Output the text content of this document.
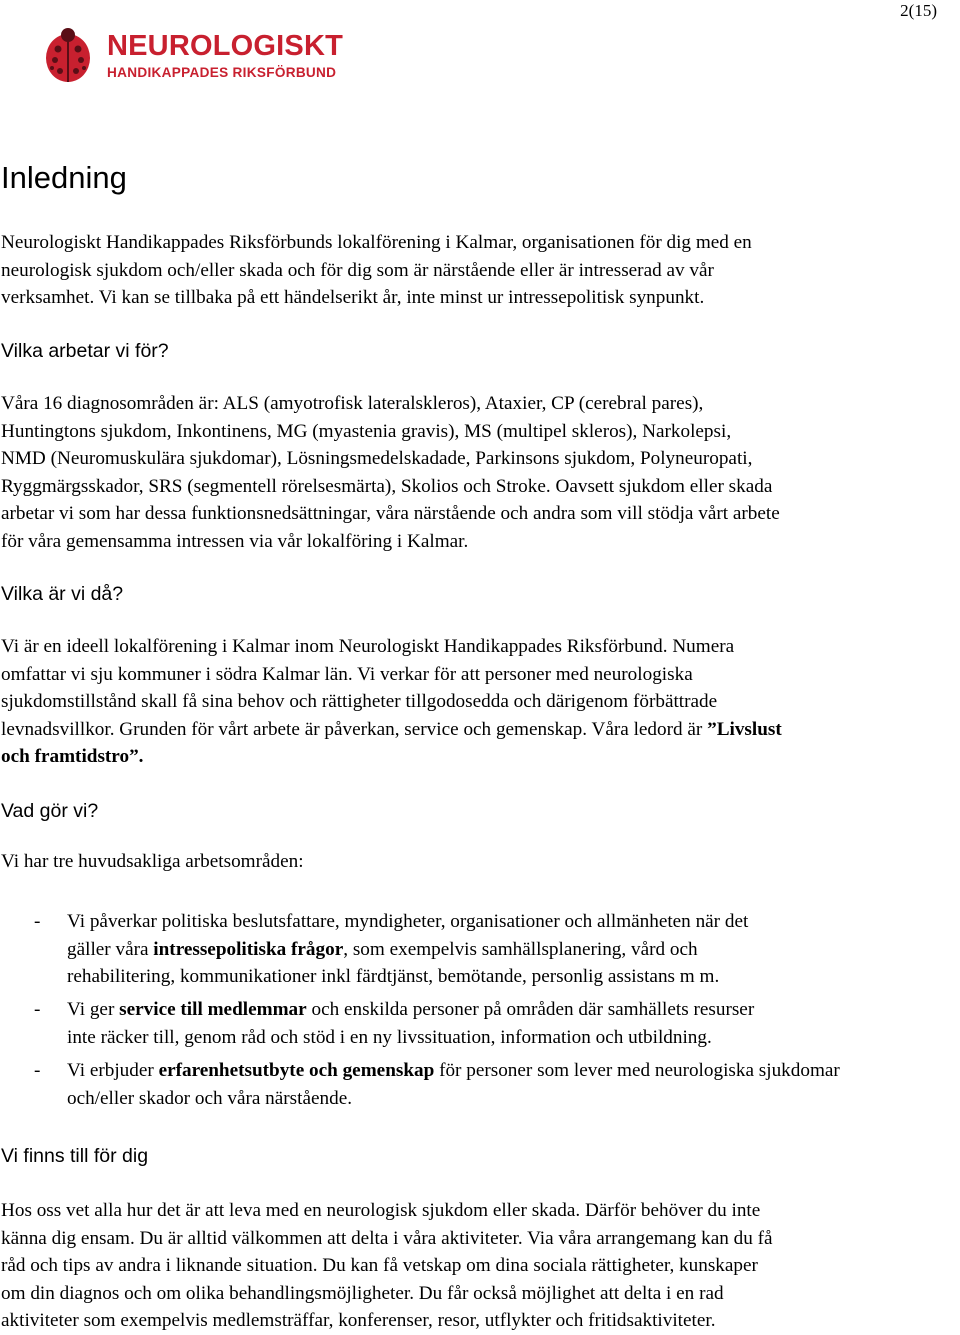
2(15)
NEUROLOGISKT
HANDIKAPPADES RIKSFÖRBUND
Inledning
Neurologiskt Handikappades Riksförbunds lokalförening i Kalmar, organisationen för dig med en
neurologisk sjukdom och/eller skada och för dig som är närstående eller är intresserad av vår
verksamhet. Vi kan se tillbaka på ett händelserikt år, inte minst ur intressepolitisk synpunkt.
Vilka arbetar vi för?
Våra 16 diagnosområden är: ALS (amyotrofisk lateralskleros), Ataxier, CP (cerebral pares),
Huntingtons sjukdom, Inkontinens, MG (myastenia gravis), MS (multipel skleros), Narkolepsi,
NMD (Neuromuskulära sjukdomar), Lösningsmedelskadade, Parkinsons sjukdom, Polyneuropati,
Ryggmärgsskador, SRS (segmentell rörelsesmärta), Skolios och Stroke. Oavsett sjukdom eller skada
arbetar vi som har dessa funktionsnedsättningar, våra närstående och andra som vill stödja vårt arbete
för våra gemensamma intressen via vår lokalföring i Kalmar.
Vilka är vi då?
Vi är en ideell lokalförening i Kalmar inom Neurologiskt Handikappades Riksförbund. Numera
omfattar vi sju kommuner i södra Kalmar län. Vi verkar för att personer med neurologiska
sjukdomstillstånd skall få sina behov och rättigheter tillgodosedda och därigenom förbättrade
levnadsvillkor. Grunden för vårt arbete är påverkan, service och gemenskap. Våra ledord är ”Livslust
och framtidstro”.
Vad gör vi?
Vi har tre huvudsakliga arbetsområden:
- Vi påverkar politiska beslutsfattare, myndigheter, organisationer och allmänheten när det
gäller våra intressepolitiska frågor, som exempelvis samhällsplanering, vård och
rehabilitering, kommunikationer inkl färdtjänst, bemötande, personlig assistans m m.
- Vi ger service till medlemmar och enskilda personer på områden där samhällets resurser
inte räcker till, genom råd och stöd i en ny livssituation, information och utbildning.
- Vi erbjuder erfarenhetsutbyte och gemenskap för personer som lever med neurologiska sjukdomar
och/eller skador och våra närstående.
Vi finns till för dig
Hos oss vet alla hur det är att leva med en neurologisk sjukdom eller skada. Därför behöver du inte
känna dig ensam. Du är alltid välkommen att delta i våra aktiviteter. Via våra arrangemang kan du få
råd och tips av andra i liknande situation. Du kan få vetskap om dina sociala rättigheter, kunskaper
om din diagnos och om olika behandlingsmöjligheter. Du får också möjlighet att delta i en rad
aktiviteter som exempelvis medlemsträffar, konferenser, resor, utflykter och fritidsaktiviteter.
